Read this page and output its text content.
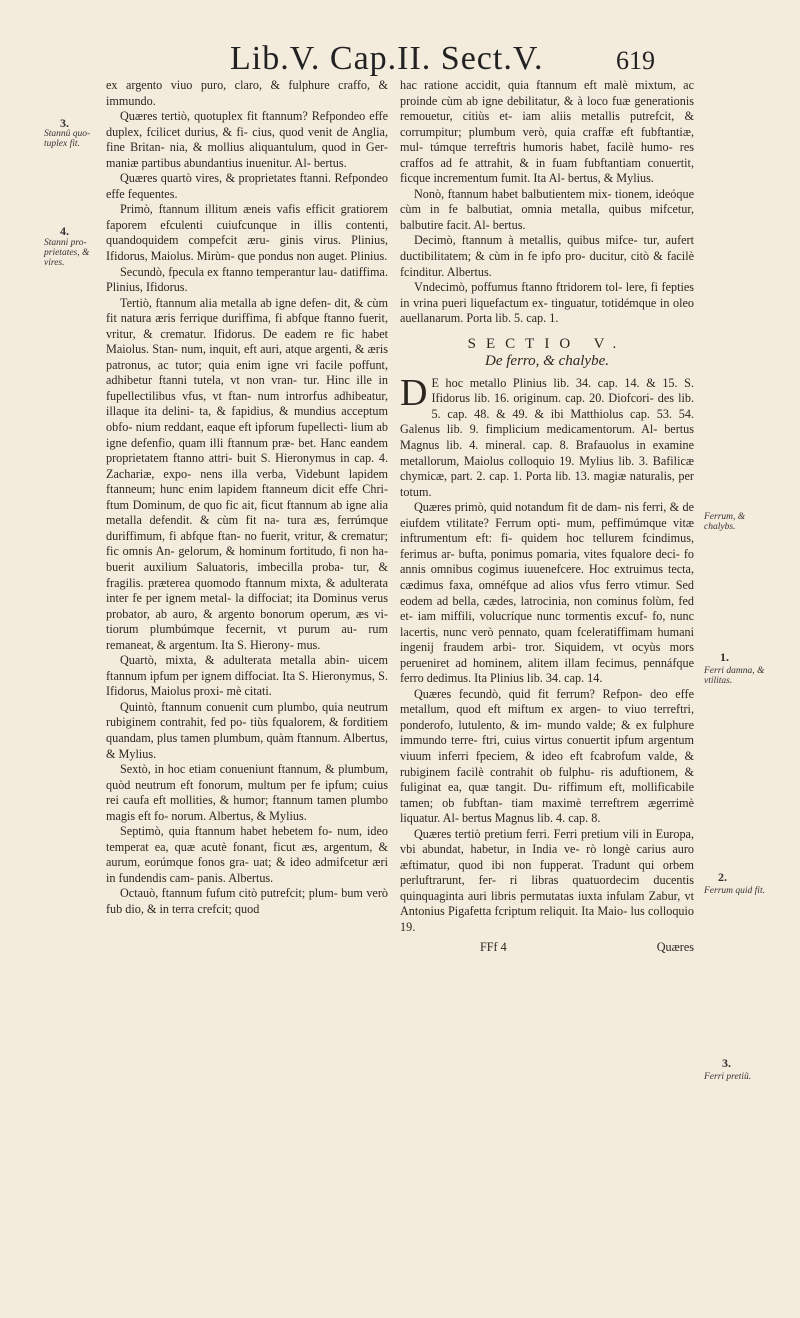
Lib.V. Cap.II. Sect.V.	619
3.
Stannû quo- tuplex fit.
4.
Stanni pro- prietates, & vires.
Ferrum, & chalybs.
1.
Ferri damna, & vtilitas.
2.
Ferrum quid fit.
3.
Ferri pretiũ.

ex argento viuo puro, claro, & fulphure craffo, & immundo.

Quæres tertiò, quotuplex fit ftannum? Refpondeo effe duplex, fcilicet durius, & fi- cius, quod venit de Anglia, fine Britan- nia, & mollius aliquantulum, quod in Ger- maniæ partibus abundantius inuenitur. Al- bertus.

Quæres quartò vires, & proprietates ftanni. Refpondeo effe fequentes.

Primò, ftannum illitum æneis vafis efficit gratiorem faporem efculenti cuiufcunque in illis contenti, quandoquidem compefcit æru- ginis virus. Plinius, Ifidorus, Maiolus. Mirùm- que pondus non auget. Plinius.

Secundò, fpecula ex ftanno temperantur lau- datiffima. Plinius, Ifidorus.

Tertiò, ftannum alia metalla ab igne defen- dit, & cùm fit natura æris ferrique duriffima, fi abfque ftanno fuerit, vritur, & crematur. Ifidorus. De eadem re fic habet Maiolus. Stan- num, inquit, eft auri, atque argenti, & æris patronus, ac tutor; quia enim igne vri facile poffunt, adhibetur ftanni tutela, vt non vran- tur. Hinc ille in fupellectilibus vfus, vt ftan- num introrfus adhibeatur, illaque ita delini- ta, & fapidius, & mundius acceptum obfo- nium reddant, eaque eft ipforum fupellecti- lium ab igne defenfio, quam illi ftannum præ- bet. Hanc eandem proprietatem ftanno attri- buit S. Hieronymus in cap. 4. Zachariæ, expo- nens illa verba, Videbunt lapidem ftanneum; hunc enim lapidem ftanneum dicit effe Chri- ftum Dominum, de quo fic ait, ficut ftannum ab igne alia metalla defendit. & cùm fit na- tura æs, ferrúmque duriffimum, fi abfque ftan- no fuerit, vritur, & crematur; fic omnis An- gelorum, & hominum fortitudo, fi non ha- buerit auxilium Saluatoris, imbecilla proba- tur, & fragilis. præterea quomodo ftannum mixta, & adulterata inter fe per ignem metal- la diffociat; ita Dominus verus probator, ab auro, & argento bonorum operum, æs vi- tiorum plumbúmque fecernit, vt purum au- rum remaneat, & argentum. Ita S. Hierony- mus.

Quartò, mixta, & adulterata metalla abin- uicem ftannum ipfum per ignem diffociat. Ita S. Hieronymus, S. Ifidorus, Maiolus proxi- mè citati.

Quintò, ftannum conuenit cum plumbo, quia neutrum rubiginem contrahit, fed po- tiùs fqualorem, & forditiem quandam, plus tamen plumbum, quàm ftannum. Albertus, & Mylius.

Sextò, in hoc etiam conueniunt ftannum, & plumbum, quòd neutrum eft fonorum, multum per fe ipfum; cuius rei caufa eft mollities, & humor; ftannum tamen plumbo magis eft fo- norum. Albertus, & Mylius.

Septimò, quia ftannum habet hebetem fo- num, ideo temperat ea, quæ acutè fonant, ficut æs, argentum, & aurum, eorúmque fonos gra- uat; & ideo admifcetur æri in fundendis cam- panis. Albertus.

Octauò, ftannum fufum citò putrefcit; plum- bum verò fub dio, & in terra crefcit; quod

hac ratione accidit, quia ftannum eft malè mixtum, ac proinde cùm ab igne debilitatur, & à loco fuæ generationis remouetur, citiùs et- iam aliis metallis putrefcit, & corrumpitur; plumbum verò, quia craffæ eft fubftantiæ, mul- túmque terreftris humoris habet, facilè humo- res craffos ad fe attrahit, & in fuam fubftantiam conuertit, ficque incrementum fumit. Ita Al- bertus, & Mylius.

Nonò, ftannum habet balbutientem mix- tionem, ideóque cùm in fe balbutiat, omnia metalla, quibus mifcetur, balbutire facit. Al- bertus.

Decimò, ftannum à metallis, quibus mifce- tur, aufert ductibilitatem; & cùm in fe ipfo pro- ducitur, citò & facilè fcinditur. Albertus.

Vndecimò, poffumus ftanno ftridorem tol- lere, fi fepties in vrina pueri liquefactum ex- tinguatur, totidémque in oleo auellanarum. Porta lib. 5. cap. 1.

SECTIO V.

De ferro, & chalybe.

D E hoc metallo Plinius lib. 34. cap. 14. & 15. S. Ifidorus lib. 16. originum. cap. 20. Diofcori- des lib. 5. cap. 48. & 49. & ibi Matthiolus cap. 53. 54. Galenus lib. 9. fimplicium medicamentorum. Al- bertus Magnus lib. 4. mineral. cap. 8. Brafauolus in examine metallorum, Maiolus colloquio 19. Mylius lib. 3. Bafilicæ chymicæ, part. 2. cap. 1. Porta lib. 13. magiæ naturalis, per totum.

Quæres primò, quid notandum fit de dam- nis ferri, & de eiufdem vtilitate? Ferrum opti- mum, peffimúmque vitæ inftrumentum eft: fi- quidem hoc tellurem fcindimus, ferimus ar- bufta, ponimus pomaria, vites fqualore deci- fo annis omnibus cogimus iuuenefcere. Hoc extruimus tecta, cædimus faxa, omnéfque ad alios vfus ferro vtimur. Sed eodem ad bella, cædes, latrocinia, non cominus folùm, fed et- iam miffili, volucríque nunc tormentis excuf- fo, nunc lacertis, nunc verò pennato, quam fceleratiffimam humani ingenij fraudem arbi- tror. Siquidem, vt ocyùs mors perueniret ad hominem, alitem illam fecimus, pennáfque ferro dedimus. Ita Plinius lib. 34. cap. 14.

Quæres fecundò, quid fit ferrum? Refpon- deo effe metallum, quod eft miftum ex argen- to viuo terreftri, ponderofo, lutulento, & im- mundo valde; & ex fulphure immundo terre- ftri, cuius virtus conuertit ipfum argentum viuum inferri fpeciem, & ideo eft fcabrofum valde, & rubiginem facilè contrahit ob fulphu- ris aduftionem, & fuliginat ea, quæ tangit. Du- riffimum eft, mollificabile tamen; ob fubftan- tiam maximè terreftrem ægerrimè liquatur. Al- bertus Magnus lib. 4. cap. 8.

Quæres tertiò pretium ferri. Ferri pretium vili in Europa, vbi abundat, habetur, in India ve- rò longè carius auro æftimatur, quod ibi non fupperat. Tradunt qui orbem perluftrarunt, fer- ri libras quatuordecim ducentis quinquaginta auri libris permutatas iuxta infulam Zabur, vt Antonius Pigafetta fcriptum reliquit. Ita Maio- lus colloquio 19.

FFf 4	Quæres
